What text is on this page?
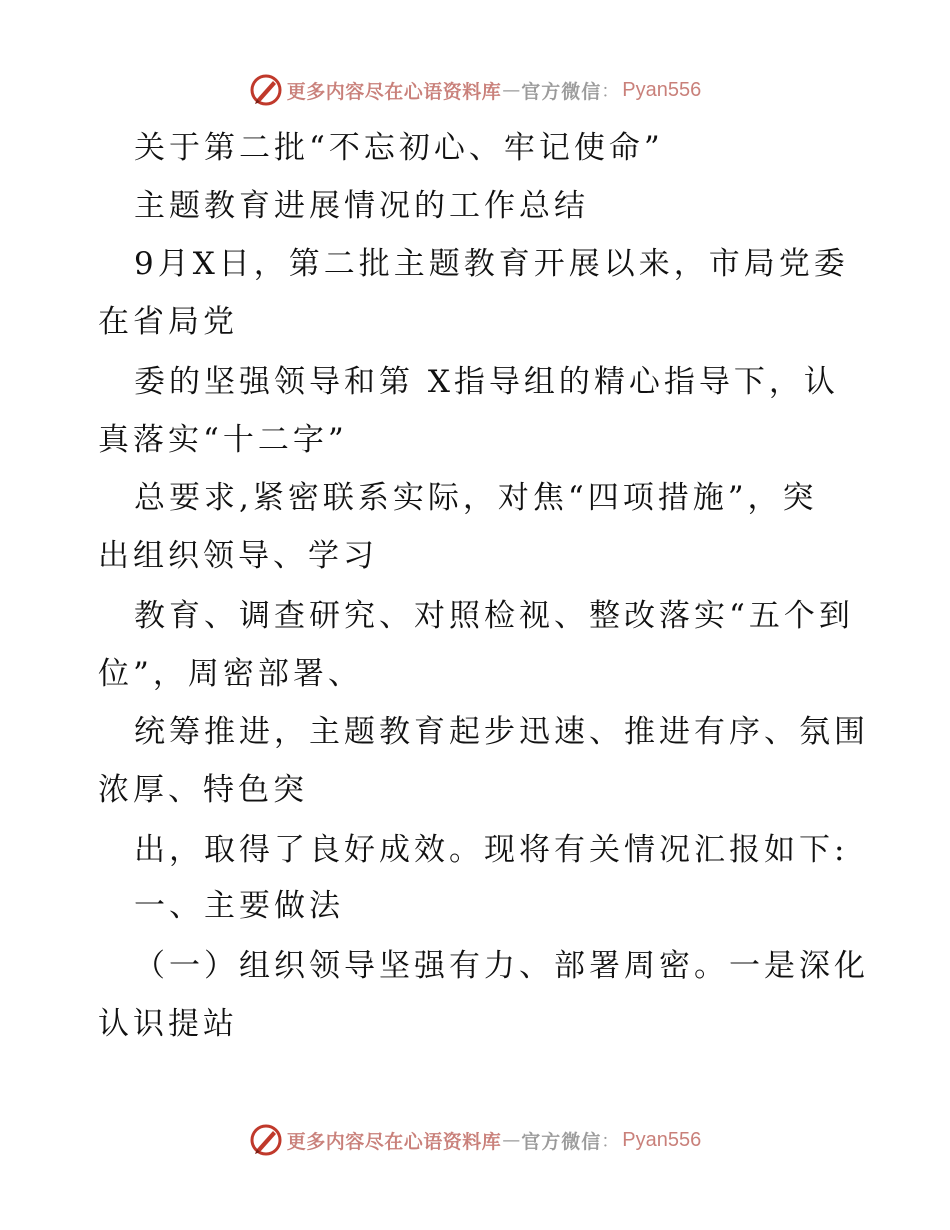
更多内容尽在心语资料库 — 官方微信 ： Pyan556
关于第二批“不忘初心、牢记使命”
主题教育进展情况的工作总结
9月X日，第二批主题教育开展以来，市局党委
在省局党
委的坚强领导和第 X指导组的精心指导下，认
真落实“十二字”
总要求,紧密联系实际，对焦“四项措施”，突
出组织领导、学习
教育、调查研究、对照检视、整改落实“五个到
位”，周密部署、
统筹推进，主题教育起步迅速、推进有序、氛围
浓厚、特色突
出，取得了良好成效。现将有关情况汇报如下:
一、主要做法
（一）组织领导坚强有力、部署周密。一是深化
认识提站
更多内容尽在心语资料库 — 官方微信 ： Pyan556
